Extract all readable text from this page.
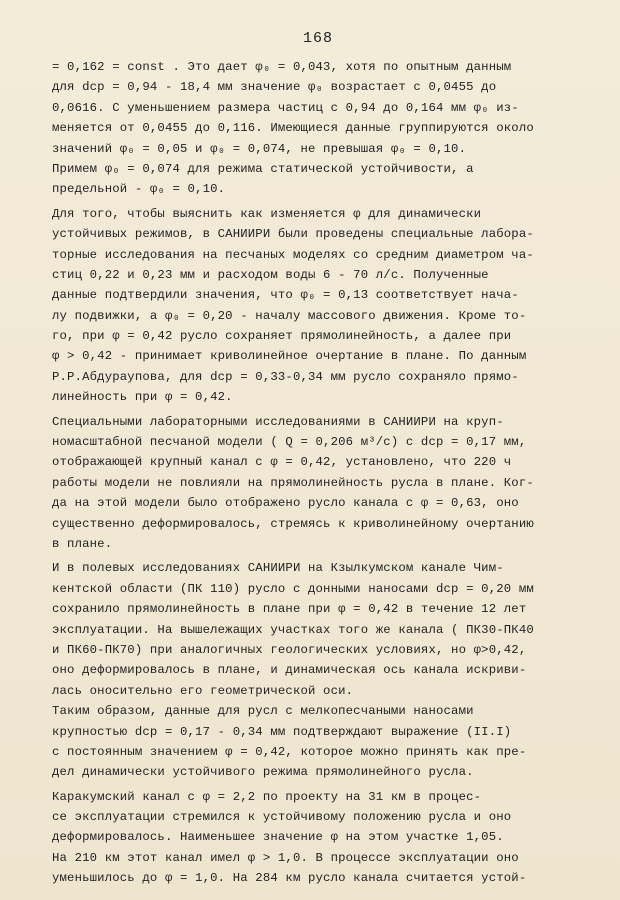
168
= 0,162 = const . Это дает φ₀ = 0,043, хотя по опытным данным
для dср = 0,94 - 18,4 мм значение φ₀ возрастает с 0,0455 до
0,0616. С уменьшением размера частиц с 0,94 до 0,164 мм φ₀ из-
меняется от 0,0455 до 0,116. Имеющиеся данные группируются около
значений φ₀ = 0,05 и φ₀ = 0,074, не превышая φ₀ = 0,10.
Примем φ₀ = 0,074 для режима статической устойчивости, а
предельной - φ₀ = 0,10.
Для того, чтобы выяснить как изменяется φ для динамически
устойчивых режимов, в САНИИРИ были проведены специальные лабора-
торные исследования на песчаных моделях со средним диаметром ча-
стиц 0,22 и 0,23 мм и расходом воды 6 - 70 л/с. Полученные
данные подтвердили значения, что φ₀ = 0,13 соответствует нача-
лу подвижки, а φ₀ = 0,20 - началу массового движения. Кроме то-
го, при φ = 0,42 русло сохраняет прямолинейность, а далее при
φ > 0,42 - принимает криволинейное очертание в плане. По данным
Р.Р.Абдураупова, для dср = 0,33-0,34 мм русло сохраняло прямо-
линейность при φ = 0,42.
Специальными лабораторными исследованиями в САНИИРИ на круп-
номасштабной песчаной модели ( Q = 0,206 м³/с) с dср = 0,17 мм,
отображающей крупный канал с φ = 0,42, установлено, что 220 ч
работы модели не повлияли на прямолинейность русла в плане. Ког-
да на этой модели было отображено русло канала с φ = 0,63, оно
существенно деформировалось, стремясь к криволинейному очертанию
в плане.
И в полевых исследованиях САНИИРИ на Кзылкумском канале Чим-
кентской области (ПК 110) русло с донными наносами dср = 0,20 мм
сохранило прямолинейность в плане при φ = 0,42 в течение 12 лет
эксплуатации. На вышележащих участках того же канала ( ПК30-ПК40
и ПК60-ПК70) при аналогичных геологических условиях, но φ>0,42,
оно деформировалось в плане, и динамическая ось канала искриви-
лась оносительно его геометрической оси.
Таким образом, данные для русл с мелкопесчаными наносами
крупностью dср = 0,17 - 0,34 мм подтверждают выражение (II.I)
с постоянным значением φ = 0,42, которое можно принять как пре-
дел динамически устойчивого режима прямолинейного русла.
Каракумский канал с φ = 2,2 по проекту на 31 км в процес-
се эксплуатации стремился к устойчивому положению русла и оно
деформировалось. Наименьшее значение φ на этом участке 1,05.
На 210 км этот канал имел φ > 1,0. В процессе эксплуатации оно
уменьшилось до φ = 1,0. На 284 км русло канала считается устой-
